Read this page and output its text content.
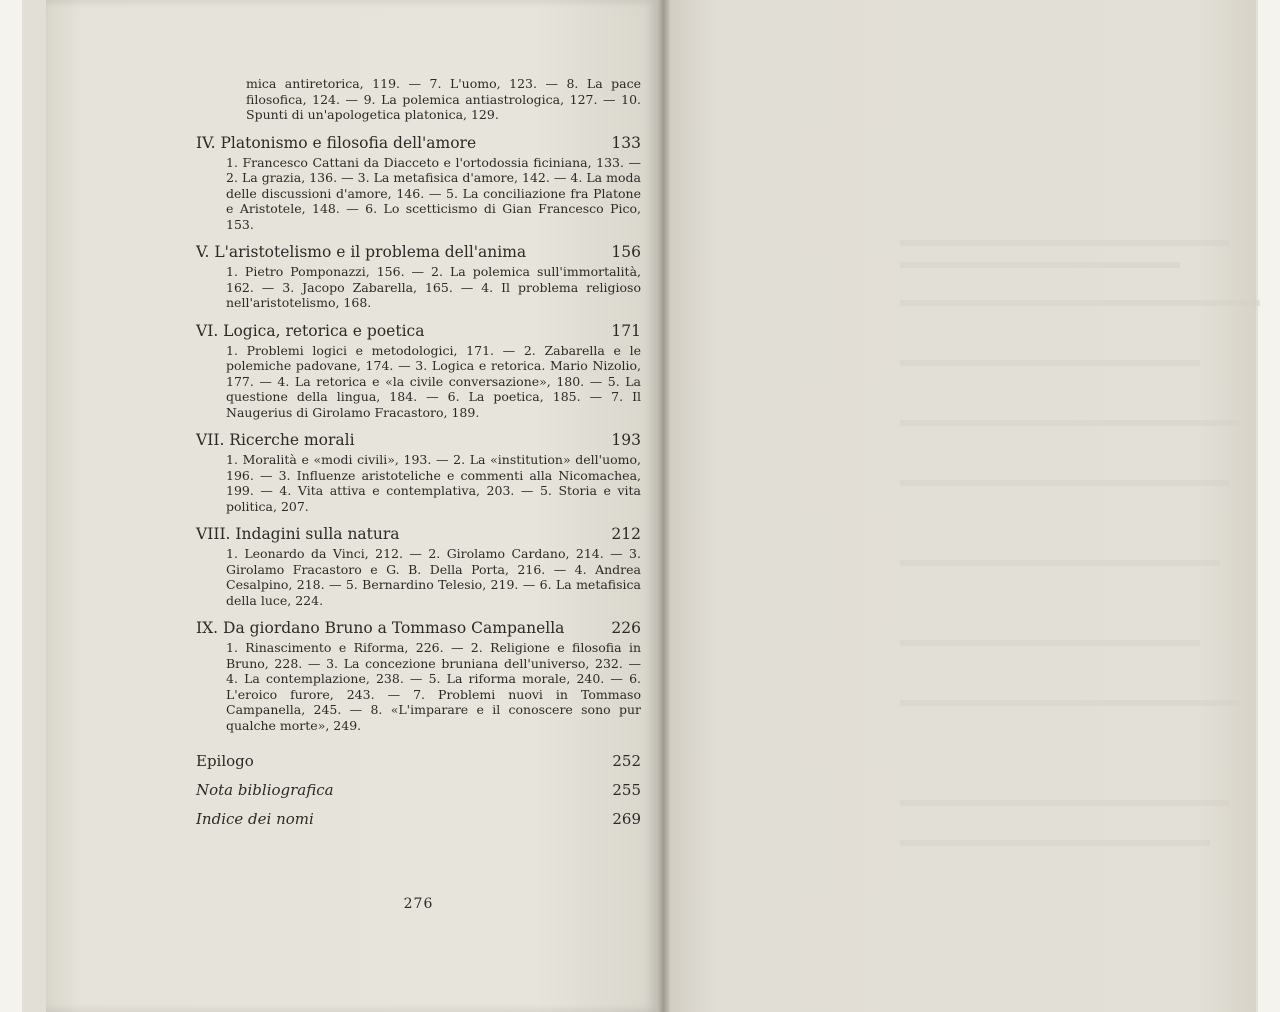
mica antiretorica, 119. — 7. L'uomo, 123. — 8. La pace filosofica, 124. — 9. La polemica antiastrologica, 127. — 10. Spunti di un'apologetica platonica, 129.
IV. Platonismo e filosofia dell'amore	133
1. Francesco Cattani da Diacceto e l'ortodossia ficiniana, 133. — 2. La grazia, 136. — 3. La metafisica d'amore, 142. — 4. La moda delle discussioni d'amore, 146. — 5. La conciliazione fra Platone e Aristotele, 148. — 6. Lo scetticismo di Gian Francesco Pico, 153.
V. L'aristotelismo e il problema dell'anima	156
1. Pietro Pomponazzi, 156. — 2. La polemica sull'immortalità, 162. — 3. Jacopo Zabarella, 165. — 4. Il problema religioso nell'aristotelismo, 168.
VI. Logica, retorica e poetica	171
1. Problemi logici e metodologici, 171. — 2. Zabarella e le polemiche padovane, 174. — 3. Logica e retorica. Mario Nizolio, 177. — 4. La retorica e «la civile conversazione», 180. — 5. La questione della lingua, 184. — 6. La poetica, 185. — 7. Il Naugerius di Girolamo Fracastoro, 189.
VII. Ricerche morali	193
1. Moralità e «modi civili», 193. — 2. La «institution» dell'uomo, 196. — 3. Influenze aristoteliche e commenti alla Nicomachea, 199. — 4. Vita attiva e contemplativa, 203. — 5. Storia e vita politica, 207.
VIII. Indagini sulla natura	212
1. Leonardo da Vinci, 212. — 2. Girolamo Cardano, 214. — 3. Girolamo Fracastoro e G. B. Della Porta, 216. — 4. Andrea Cesalpino, 218. — 5. Bernardino Telesio, 219. — 6. La metafisica della luce, 224.
IX. Da giordano Bruno a Tommaso Campanella	226
1. Rinascimento e Riforma, 226. — 2. Religione e filosofia in Bruno, 228. — 3. La concezione bruniana dell'universo, 232. — 4. La contemplazione, 238. — 5. La riforma morale, 240. — 6. L'eroico furore, 243. — 7. Problemi nuovi in Tommaso Campanella, 245. — 8. «L'imparare e il conoscere sono pur qualche morte», 249.
Epilogo	252
Nota bibliografica	255
Indice dei nomi	269
276
